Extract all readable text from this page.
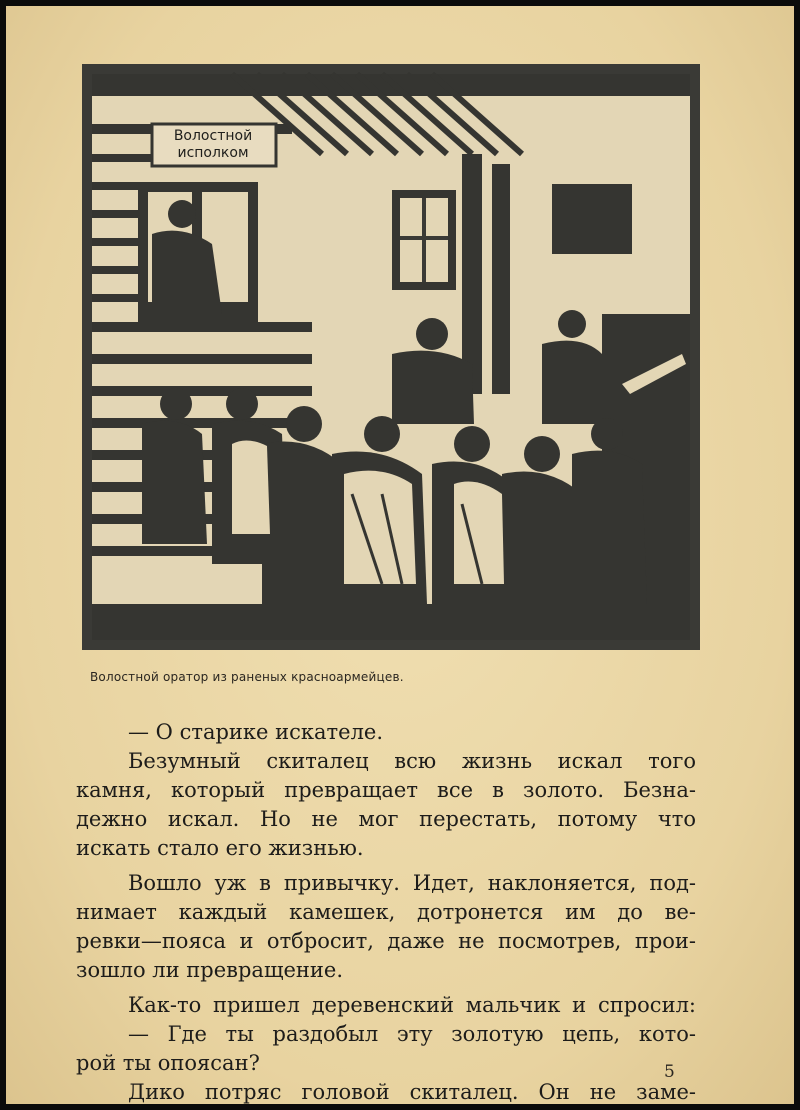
Волостной
исполком
Волостной оратор из раненых красноармейцев.
— О старике искателе.
Безумный скиталец всю жизнь искал того
камня, который превращает все в золото. Безна-
дежно искал. Но не мог перестать, потому что
искать стало его жизнью.
Вошло уж в привычку. Идет, наклоняется, под-
нимает каждый камешек, дотронется им до ве-
ревки—пояса и отбросит, даже не посмотрев, прои-
зошло ли превращение.
Как-то пришел деревенский мальчик и спросил:
— Где ты раздобыл эту золотую цепь, кото-
рой ты опоясан?
Дико потряс головой скиталец. Он не заме-
5
